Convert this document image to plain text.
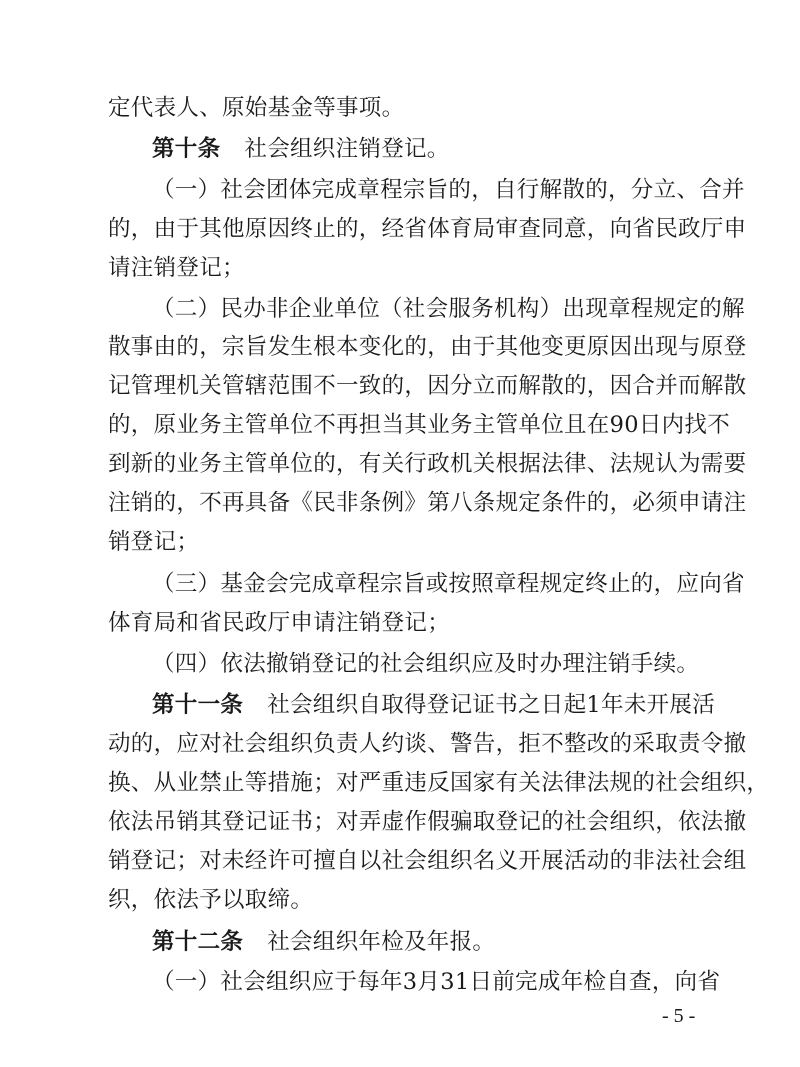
定代表人、原始基金等事项。
第十条 社会组织注销登记。
（一）社会团体完成章程宗旨的，自行解散的，分立、合并
的，由于其他原因终止的，经省体育局审查同意，向省民政厅申
请注销登记；
（二）民办非企业单位（社会服务机构）出现章程规定的解
散事由的，宗旨发生根本变化的，由于其他变更原因出现与原登
记管理机关管辖范围不一致的，因分立而解散的，因合并而解散
的，原业务主管单位不再担当其业务主管单位且在90日内找不
到新的业务主管单位的，有关行政机关根据法律、法规认为需要
注销的，不再具备《民非条例》第八条规定条件的，必须申请注
销登记；
（三）基金会完成章程宗旨或按照章程规定终止的，应向省
体育局和省民政厅申请注销登记；
（四）依法撤销登记的社会组织应及时办理注销手续。
第十一条 社会组织自取得登记证书之日起1年未开展活
动的，应对社会组织负责人约谈、警告，拒不整改的采取责令撤
换、从业禁止等措施；对严重违反国家有关法律法规的社会组织，
依法吊销其登记证书；对弄虚作假骗取登记的社会组织，依法撤
销登记；对未经许可擅自以社会组织名义开展活动的非法社会组
织，依法予以取缔。
第十二条 社会组织年检及年报。
（一）社会组织应于每年3月31日前完成年检自查，向省
- 5 -
